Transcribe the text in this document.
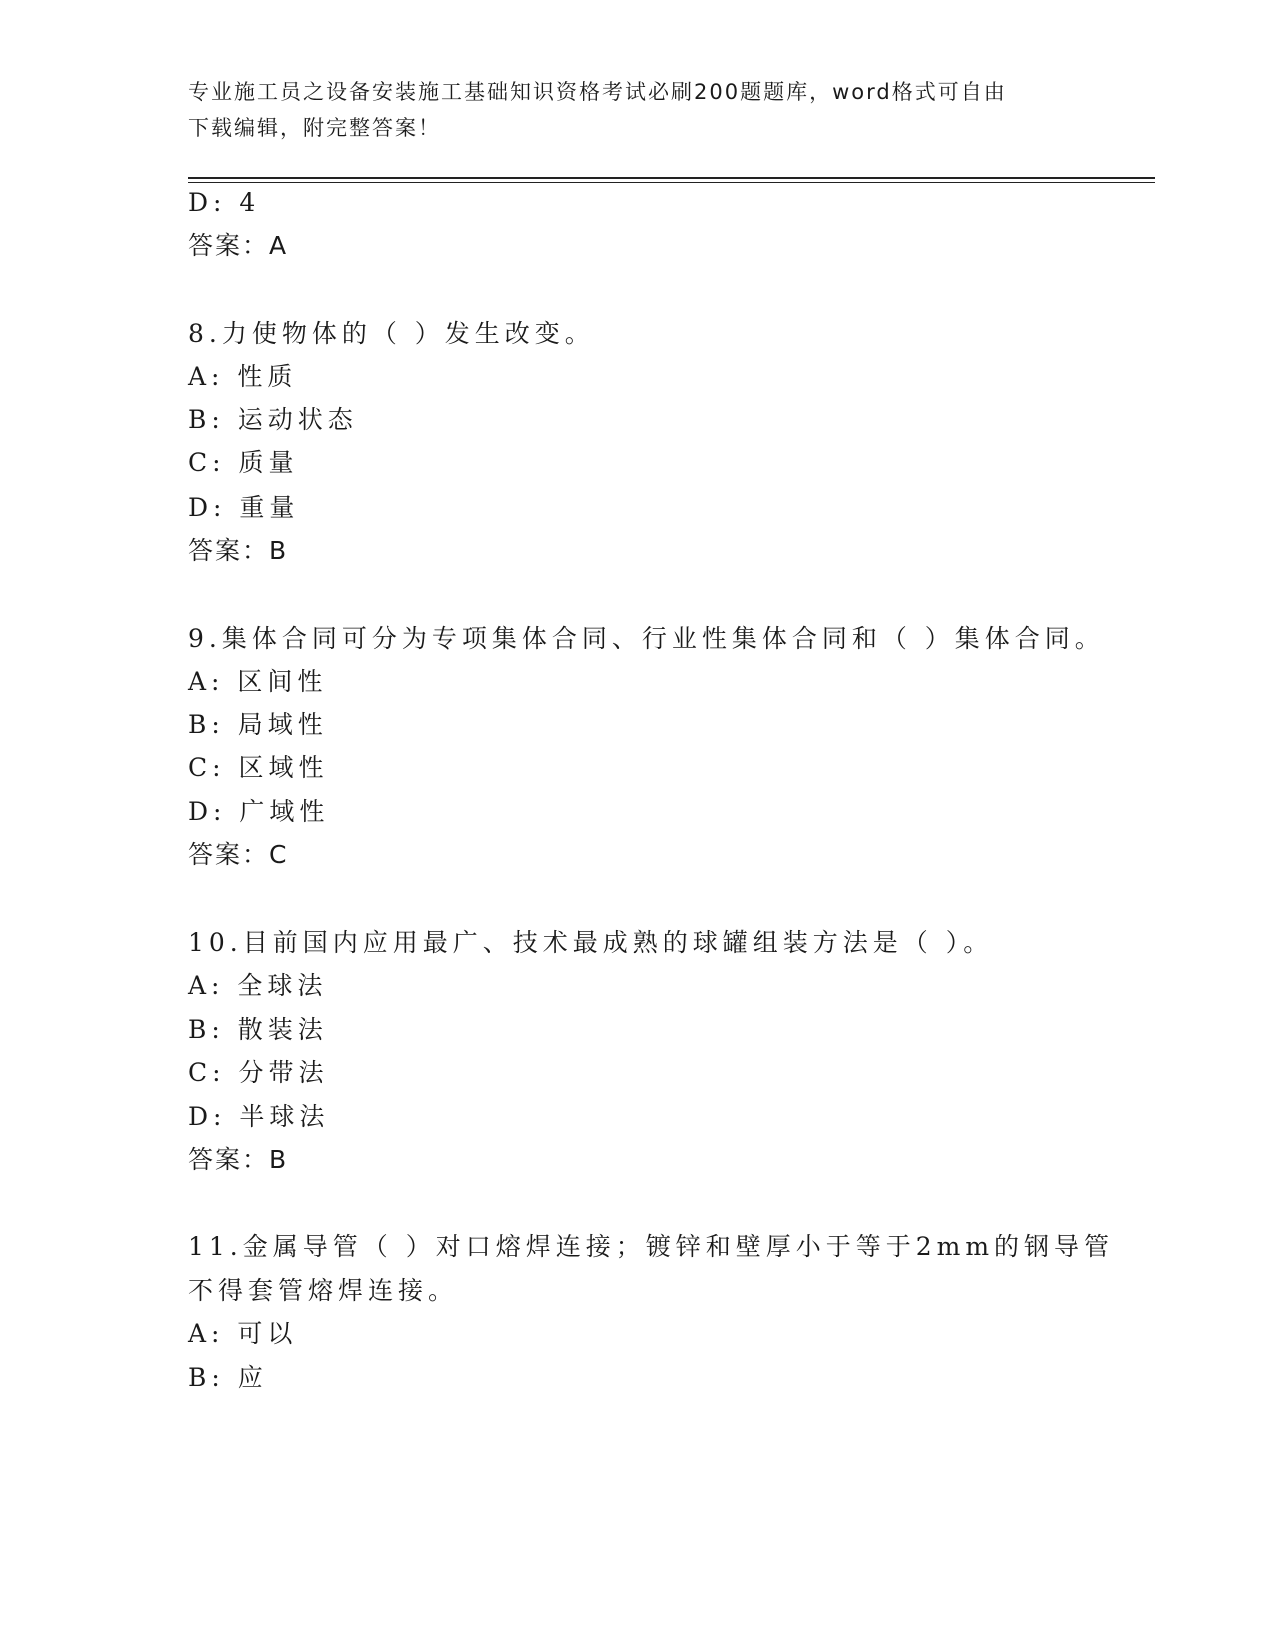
专业施工员之设备安装施工基础知识资格考试必刷200题题库，word格式可自由
下载编辑，附完整答案！
D: 4
答案：A
8.力使物体的（ ）发生改变。
A: 性质
B: 运动状态
C: 质量
D: 重量
答案：B
9.集体合同可分为专项集体合同、行业性集体合同和（ ）集体合同。
A: 区间性
B: 局域性
C: 区域性
D: 广域性
答案：C
10.目前国内应用最广、技术最成熟的球罐组装方法是（ ）。
A: 全球法
B: 散装法
C: 分带法
D: 半球法
答案：B
11.金属导管（ ）对口熔焊连接；镀锌和壁厚小于等于2mm的钢导管
不得套管熔焊连接。
A: 可以
B: 应
